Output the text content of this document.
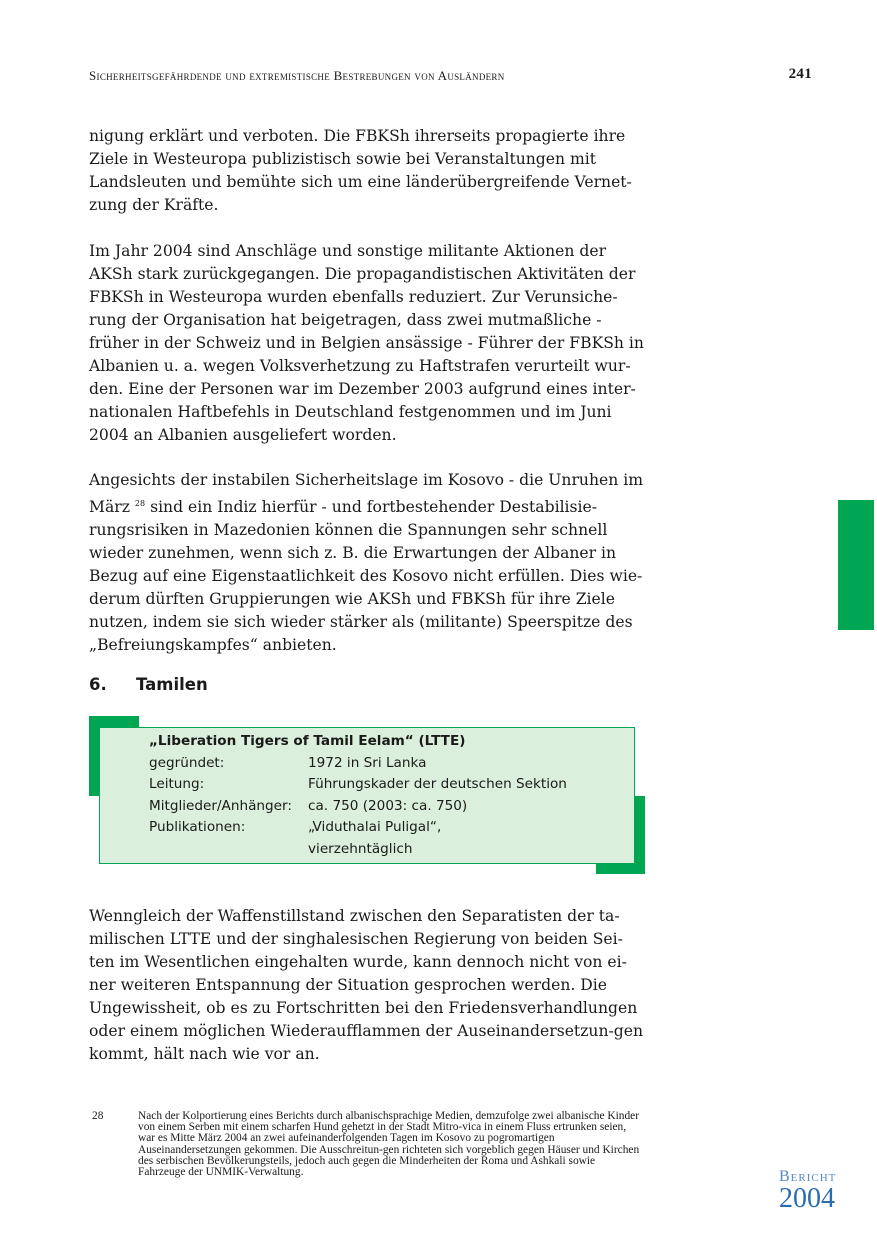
Sicherheitsgefährdende und extremistische Bestrebungen von Ausländern	241

nigung erklärt und verboten. Die FBKSh ihrerseits propagierte ihre Ziele in Westeuropa publizistisch sowie bei Veranstaltungen mit Landsleuten und bemühte sich um eine länderübergreifende Vernet-zung der Kräfte.

Im Jahr 2004 sind Anschläge und sonstige militante Aktionen der AKSh stark zurückgegangen. Die propagandistischen Aktivitäten der FBKSh in Westeuropa wurden ebenfalls reduziert. Zur Verunsiche-rung der Organisation hat beigetragen, dass zwei mutmaßliche - früher in der Schweiz und in Belgien ansässige - Führer der FBKSh in Albanien u. a. wegen Volksverhetzung zu Haftstrafen verurteilt wur-den. Eine der Personen war im Dezember 2003 aufgrund eines inter-nationalen Haftbefehls in Deutschland festgenommen und im Juni 2004 an Albanien ausgeliefert worden.

Angesichts der instabilen Sicherheitslage im Kosovo - die Unruhen im März $^{28}$ sind ein Indiz hierfür - und fortbestehender Destabilisie-rungsrisiken in Mazedonien können die Spannungen sehr schnell wieder zunehmen, wenn sich z. B. die Erwartungen der Albaner in Bezug auf eine Eigenstaatlichkeit des Kosovo nicht erfüllen. Dies wie-derum dürften Gruppierungen wie AKSh und FBKSh für ihre Ziele nutzen, indem sie sich wieder stärker als (militante) Speerspitze des „Befreiungskampfes“ anbieten.

6. Tamilen
„Liberation Tigers of Tamil Eelam“ (LTTE)
gegründet:	1972 in Sri Lanka
Leitung:	Führungskader der deutschen Sektion
Mitglieder/Anhänger: ca. 750 (2003: ca. 750)
Publikationen:	„Viduthalai Puligal“,
vierzehntäglich

Wenngleich der Waffenstillstand zwischen den Separatisten der ta-milischen LTTE und der singhalesischen Regierung von beiden Sei-ten im Wesentlichen eingehalten wurde, kann dennoch nicht von ei-ner weiteren Entspannung der Situation gesprochen werden. Die Ungewissheit, ob es zu Fortschritten bei den Friedensverhandlungen oder einem möglichen Wiederaufflammen der Auseinandersetzun-gen kommt, hält nach wie vor an.

28	Nach der Kolportierung eines Berichts durch albanischsprachige Medien, demzufolge zwei albanische Kinder von einem Serben mit einem scharfen Hund gehetzt in der Stadt Mitro-vica in einem Fluss ertrunken seien, war es Mitte März 2004 an zwei aufeinanderfolgenden Tagen im Kosovo zu pogromartigen Auseinandersetzungen gekommen. Die Ausschreitun-gen richteten sich vorgeblich gegen Häuser und Kirchen des serbischen Bevölkerungsteils, jedoch auch gegen die Minderheiten der Roma und Ashkali sowie Fahrzeuge der UNMIK-Verwaltung.	Bericht
2004
